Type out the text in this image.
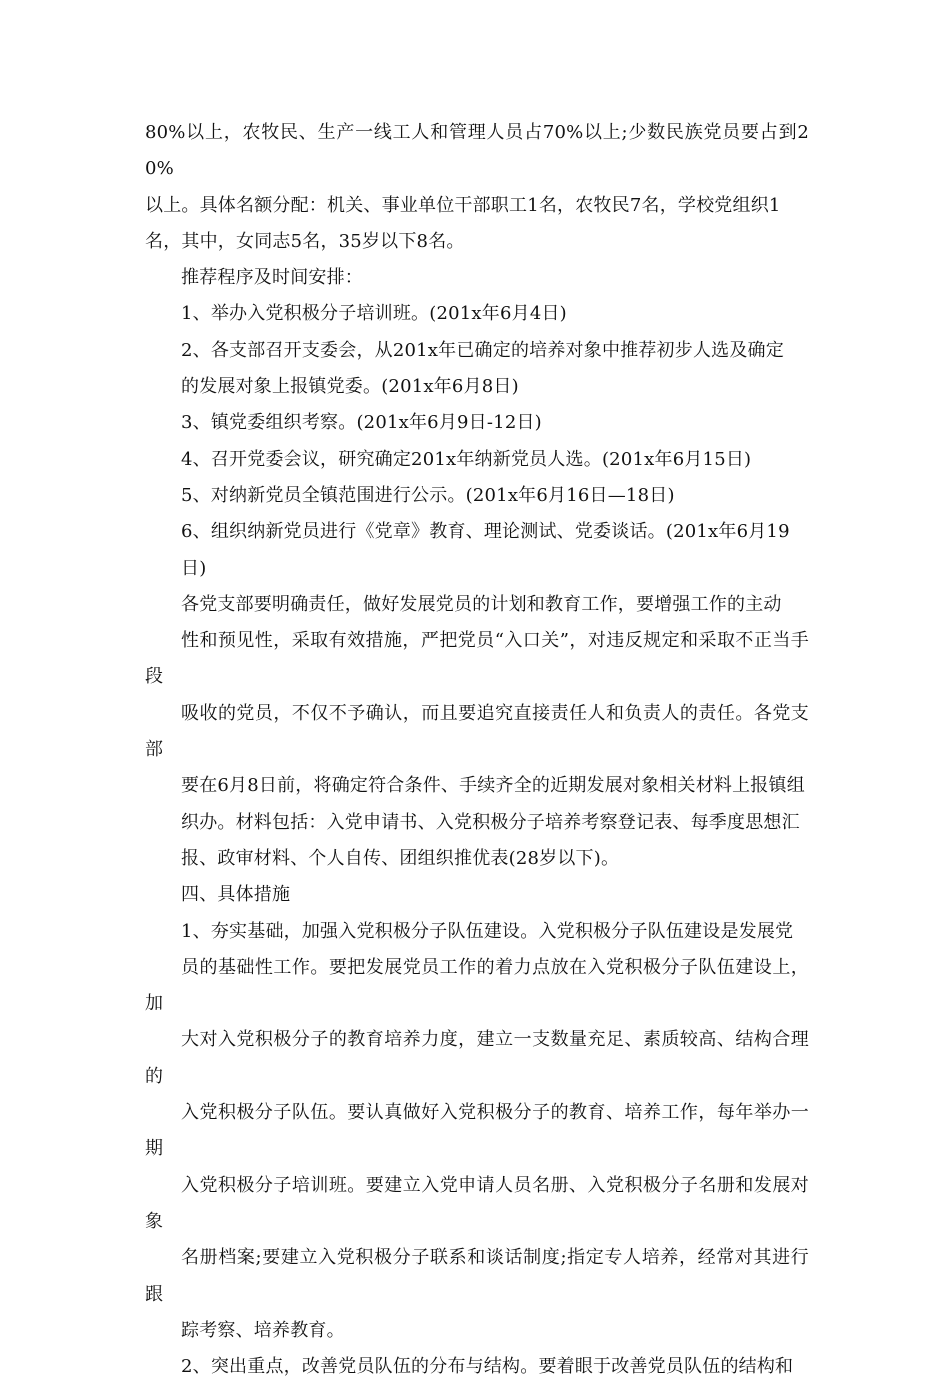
80%以上，农牧民、生产一线工人和管理人员占70%以上;少数民族党员要占到20%
以上。具体名额分配：机关、事业单位干部职工1名，农牧民7名，学校党组织1
名，其中，女同志5名，35岁以下8名。

推荐程序及时间安排：

1、举办入党积极分子培训班。(201x年6月4日)

2、各支部召开支委会，从201x年已确定的培养对象中推荐初步人选及确定
的发展对象上报镇党委。(201x年6月8日)

3、镇党委组织考察。(201x年6月9日-12日)

4、召开党委会议，研究确定201x年纳新党员人选。(201x年6月15日)

5、对纳新党员全镇范围进行公示。(201x年6月16日—18日)

6、组织纳新党员进行《党章》教育、理论测试、党委谈话。(201x年6月19
日)

各党支部要明确责任，做好发展党员的计划和教育工作，要增强工作的主动
性和预见性，采取有效措施，严把党员“入口关”，对违反规定和采取不正当手段
吸收的党员，不仅不予确认，而且要追究直接责任人和负责人的责任。各党支部
要在6月8日前，将确定符合条件、手续齐全的近期发展对象相关材料上报镇组
织办。材料包括：入党申请书、入党积极分子培养考察登记表、每季度思想汇
报、政审材料、个人自传、团组织推优表(28岁以下)。

四、具体措施

1、夯实基础，加强入党积极分子队伍建设。入党积极分子队伍建设是发展党
员的基础性工作。要把发展党员工作的着力点放在入党积极分子队伍建设上，加
大对入党积极分子的教育培养力度，建立一支数量充足、素质较高、结构合理的
入党积极分子队伍。要认真做好入党积极分子的教育、培养工作，每年举办一期
入党积极分子培训班。要建立入党申请人员名册、入党积极分子名册和发展对象
名册档案;要建立入党积极分子联系和谈话制度;指定专人培养，经常对其进行跟
踪考察、培养教育。

2、突出重点，改善党员队伍的分布与结构。要着眼于改善党员队伍的结构和
